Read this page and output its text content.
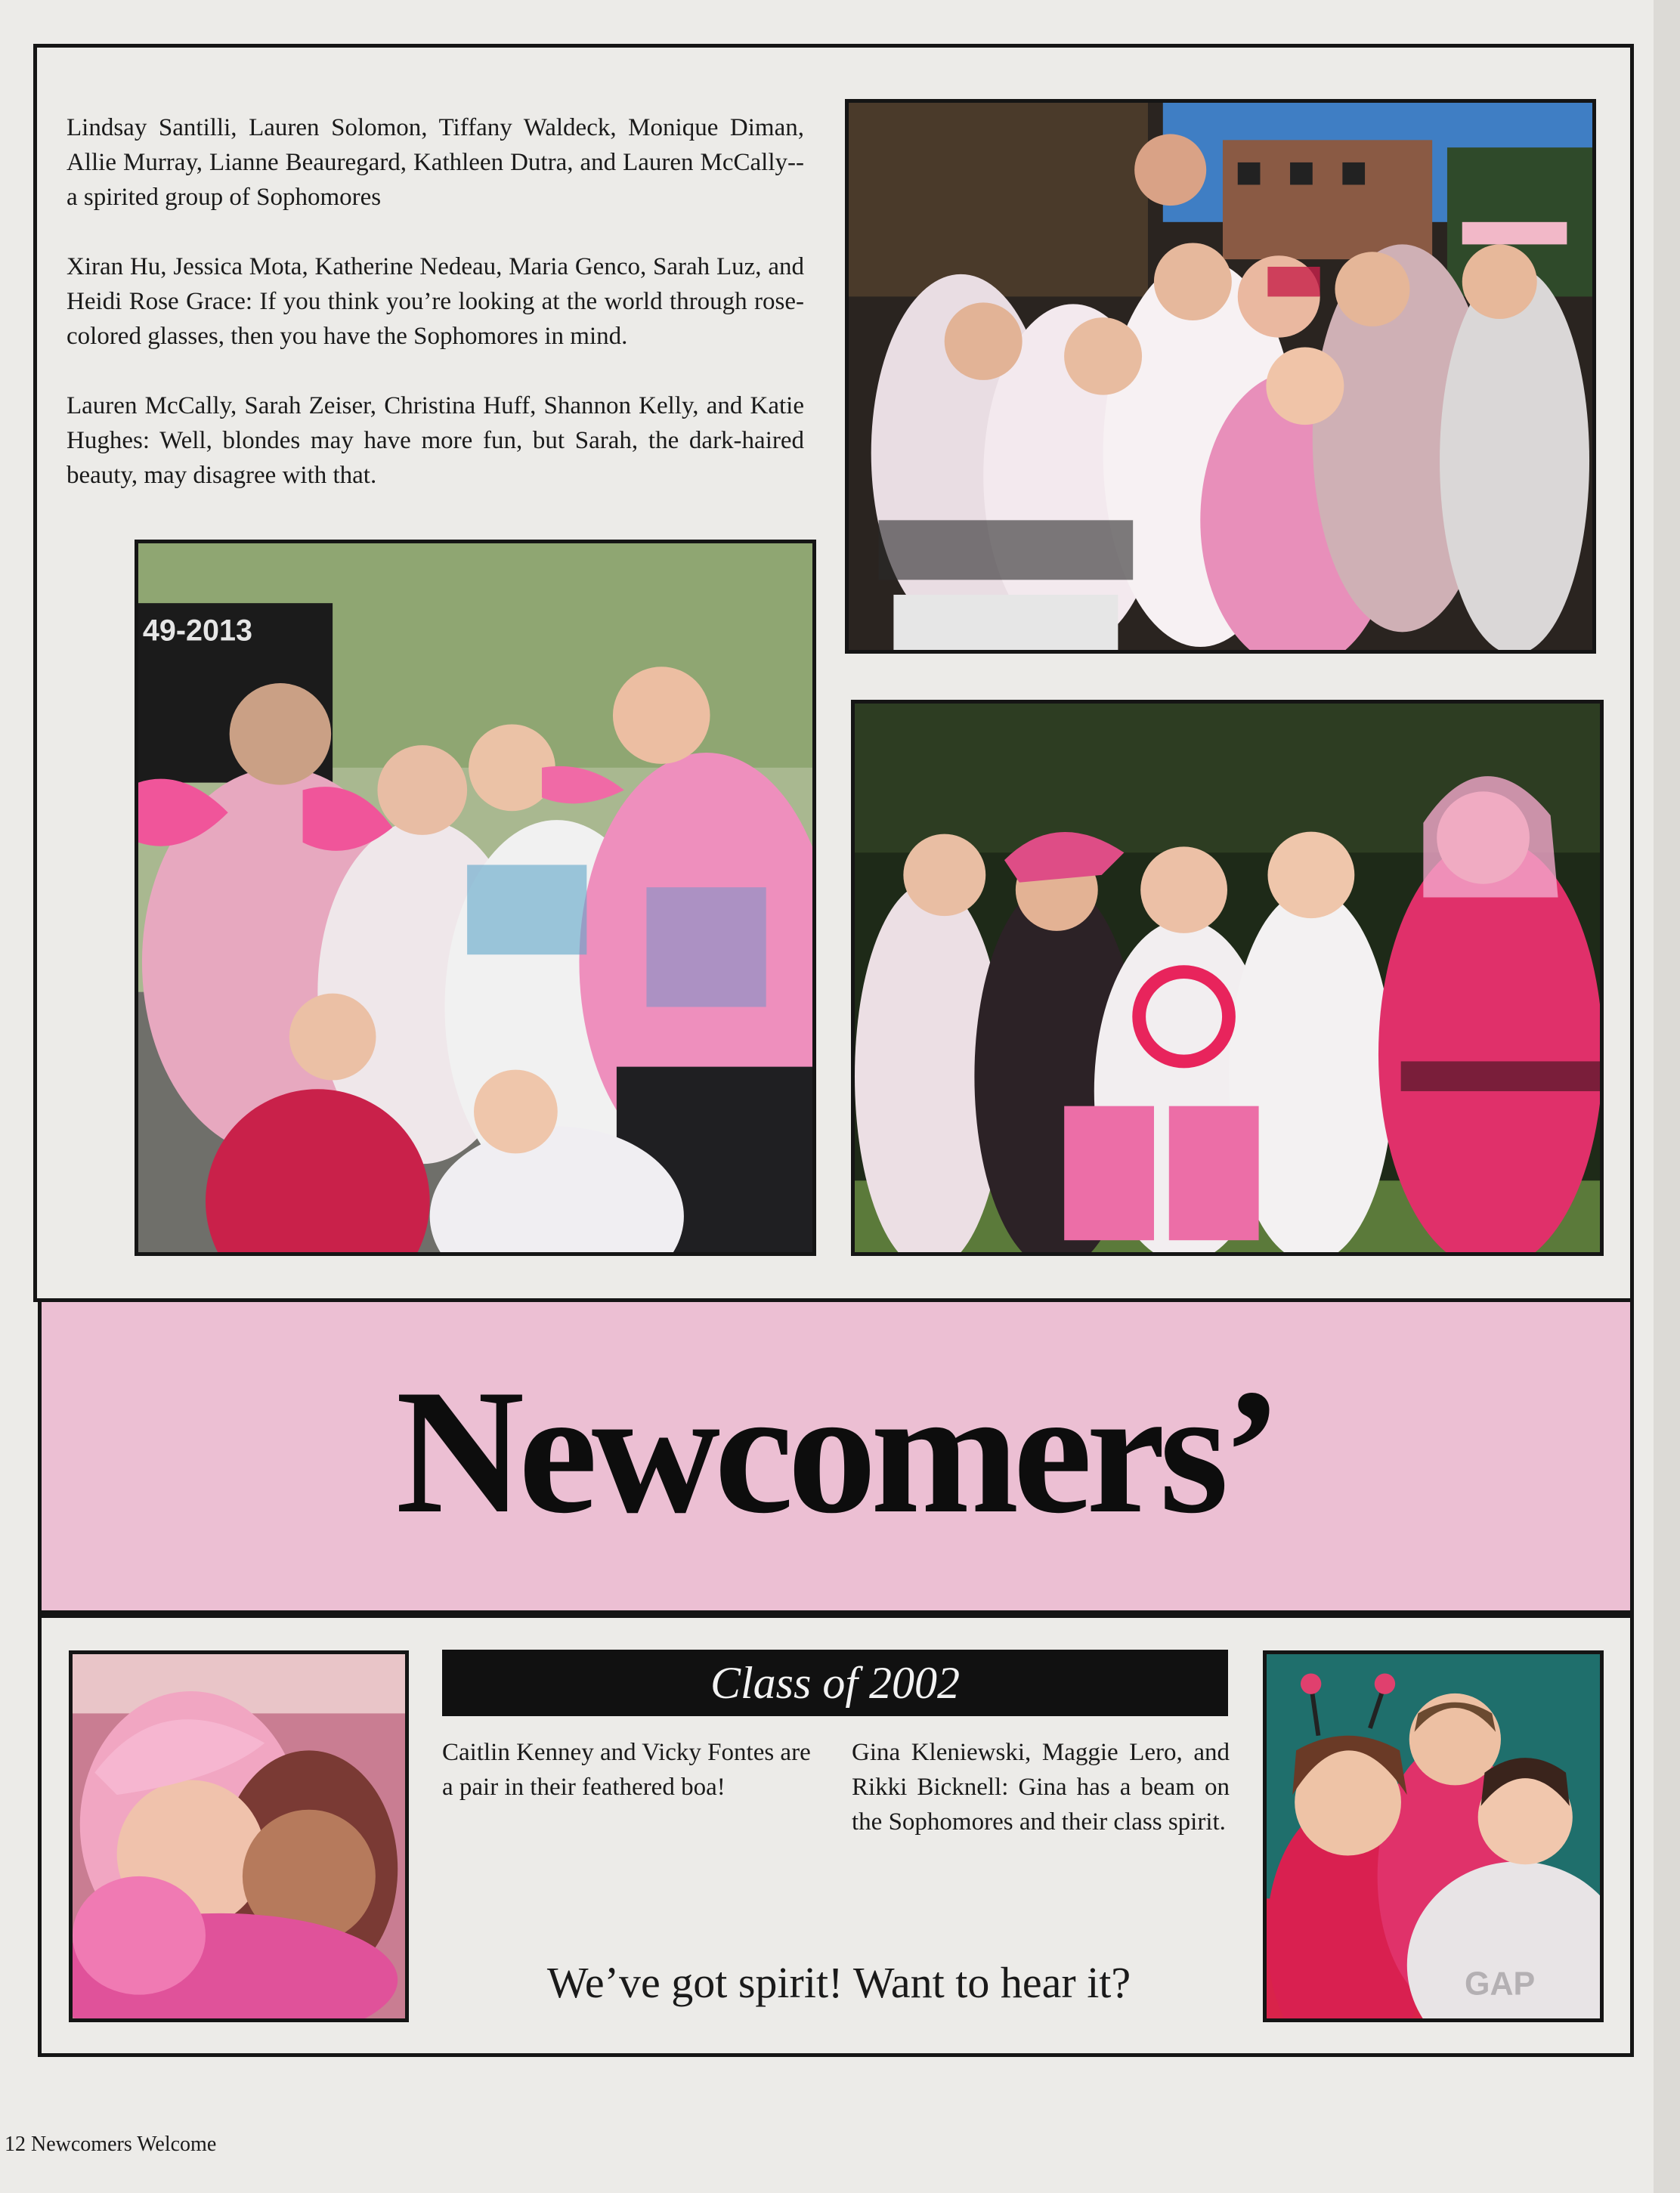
Lindsay Santilli, Lauren Solomon, Tiffany Waldeck, Monique Diman, Allie Murray, Lianne Beauregard, Kathleen Dutra, and Lauren McCally--a spirited group of Sophomores

Xiran Hu, Jessica Mota, Katherine Nedeau, Maria Genco, Sarah Luz, and Heidi Rose Grace: If you think you’re looking at the world through rose-colored glasses, then you have the Sophomores in mind.

Lauren McCally, Sarah Zeiser, Christina Huff, Shannon Kelly, and Katie Hughes: Well, blondes may have more fun, but Sarah, the dark-haired beauty, may disagree with that.

49-2013
Newcomers’
Class of 2002
Caitlin Kenney and Vicky Fontes are a pair in their feathered boa!
Gina Kleniewski, Maggie Lero, and Rikki Bicknell: Gina has a beam on the Sophomores and their class spirit.
We’ve got spirit! Want to hear it?	GAP
12 Newcomers Welcome
